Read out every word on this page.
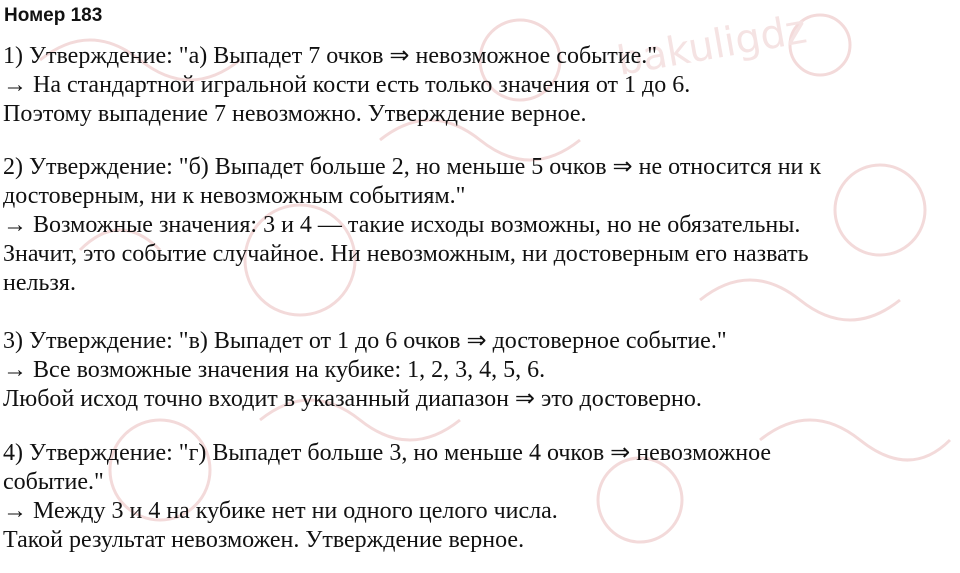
bakuligdz
Номер 183
1) Утверждение: "а) Выпадет 7 очков ⇒ невозможное событие."
→ На стандартной игральной кости есть только значения от 1 до 6.
Поэтому выпадение 7 невозможно. Утверждение верное.
2) Утверждение: "б) Выпадет больше 2, но меньше 5 очков ⇒ не относится ни к
достоверным, ни к невозможным событиям."
→ Возможные значения: 3 и 4 — такие исходы возможны, но не обязательны.
Значит, это событие случайное. Ни невозможным, ни достоверным его назвать
нельзя.
3) Утверждение: "в) Выпадет от 1 до 6 очков ⇒ достоверное событие."
→ Все возможные значения на кубике: 1, 2, 3, 4, 5, 6.
Любой исход точно входит в указанный диапазон ⇒ это достоверно.
4) Утверждение: "г) Выпадет больше 3, но меньше 4 очков ⇒ невозможное
событие."
→ Между 3 и 4 на кубике нет ни одного целого числа.
Такой результат невозможен. Утверждение верное.
